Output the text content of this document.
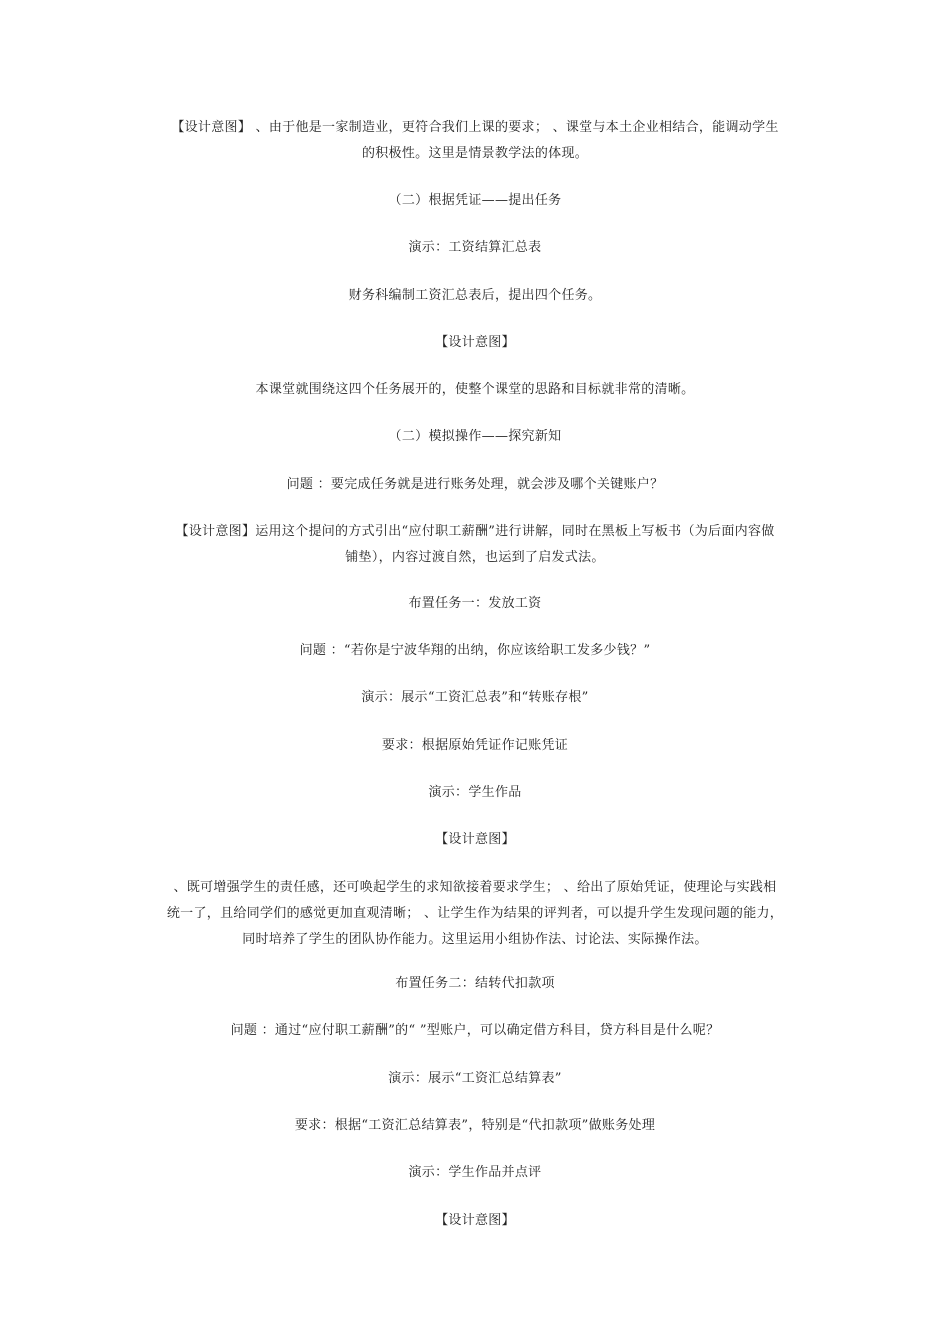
【设计意图】 、由于他是一家制造业，更符合我们上课的要求； 、课堂与本土企业相结合，能调动学生
的积极性。这里是情景教学法的体现。

（二）根据凭证——提出任务

演示：工资结算汇总表

财务科编制工资汇总表后，提出四个任务。

【设计意图】

本课堂就围绕这四个任务展开的，使整个课堂的思路和目标就非常的清晰。

（二）模拟操作——探究新知

问题 ：要完成任务就是进行账务处理，就会涉及哪个关键账户？

【设计意图】运用这个提问的方式引出“应付职工薪酬”进行讲解，同时在黑板上写板书（为后面内容做
铺垫），内容过渡自然，也运到了启发式法。

布置任务一：发放工资

问题 ：“若你是宁波华翔的出纳，你应该给职工发多少钱？”

演示：展示“工资汇总表”和“转账存根”

要求：根据原始凭证作记账凭证

演示：学生作品

【设计意图】

、既可增强学生的责任感，还可唤起学生的求知欲接着要求学生； 、给出了原始凭证，使理论与实践相
统一了，且给同学们的感觉更加直观清晰； 、让学生作为结果的评判者，可以提升学生发现问题的能力，
同时培养了学生的团队协作能力。这里运用小组协作法、讨论法、实际操作法。

布置任务二：结转代扣款项

问题 ：通过“应付职工薪酬”的“ ”型账户，可以确定借方科目，贷方科目是什么呢？

演示：展示“工资汇总结算表”

要求：根据“工资汇总结算表”，特别是“代扣款项”做账务处理

演示：学生作品并点评

【设计意图】
